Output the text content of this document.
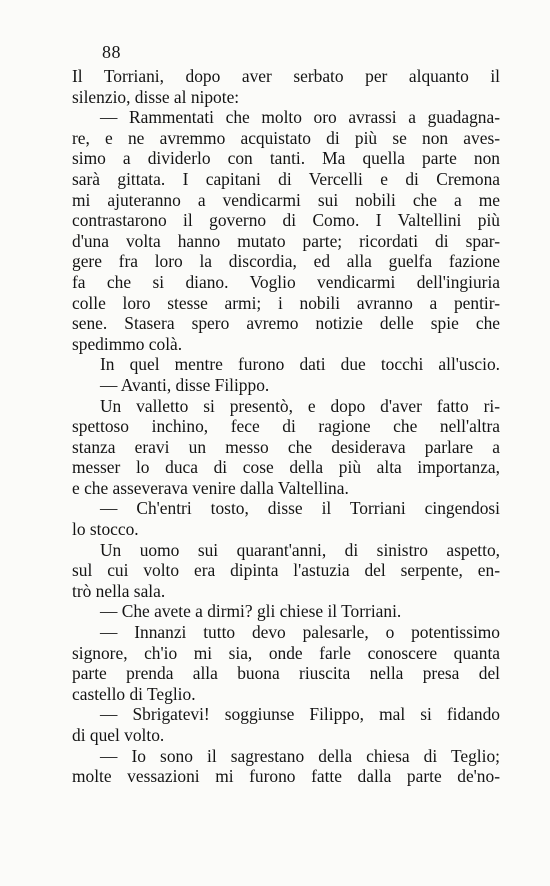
88
Il Torriani, dopo aver serbato per alquanto il
silenzio, disse al nipote:
— Rammentati che molto oro avrassi a guadagna-
re, e ne avremmo acquistato di più se non aves-
simo a dividerlo con tanti. Ma quella parte non
sarà gittata. I capitani di Vercelli e di Cremona
mi ajuteranno a vendicarmi sui nobili che a me
contrastarono il governo di Como. I Valtellini più
d'una volta hanno mutato parte; ricordati di spar-
gere fra loro la discordia, ed alla guelfa fazione
fa che si diano. Voglio vendicarmi dell'ingiuria
colle loro stesse armi; i nobili avranno a pentir-
sene. Stasera spero avremo notizie delle spie che
spedimmo colà.
In quel mentre furono dati due tocchi all'uscio.
— Avanti, disse Filippo.
Un valletto si presentò, e dopo d'aver fatto ri-
spettoso inchino, fece di ragione che nell'altra
stanza eravi un messo che desiderava parlare a
messer lo duca di cose della più alta importanza,
e che asseverava venire dalla Valtellina.
— Ch'entri tosto, disse il Torriani cingendosi
lo stocco.
Un uomo sui quarant'anni, di sinistro aspetto,
sul cui volto era dipinta l'astuzia del serpente, en-
trò nella sala.
— Che avete a dirmi? gli chiese il Torriani.
— Innanzi tutto devo palesarle, o potentissimo
signore, ch'io mi sia, onde farle conoscere quanta
parte prenda alla buona riuscita nella presa del
castello di Teglio.
— Sbrigatevi! soggiunse Filippo, mal si fidando
di quel volto.
— Io sono il sagrestano della chiesa di Teglio;
molte vessazioni mi furono fatte dalla parte de'no-
